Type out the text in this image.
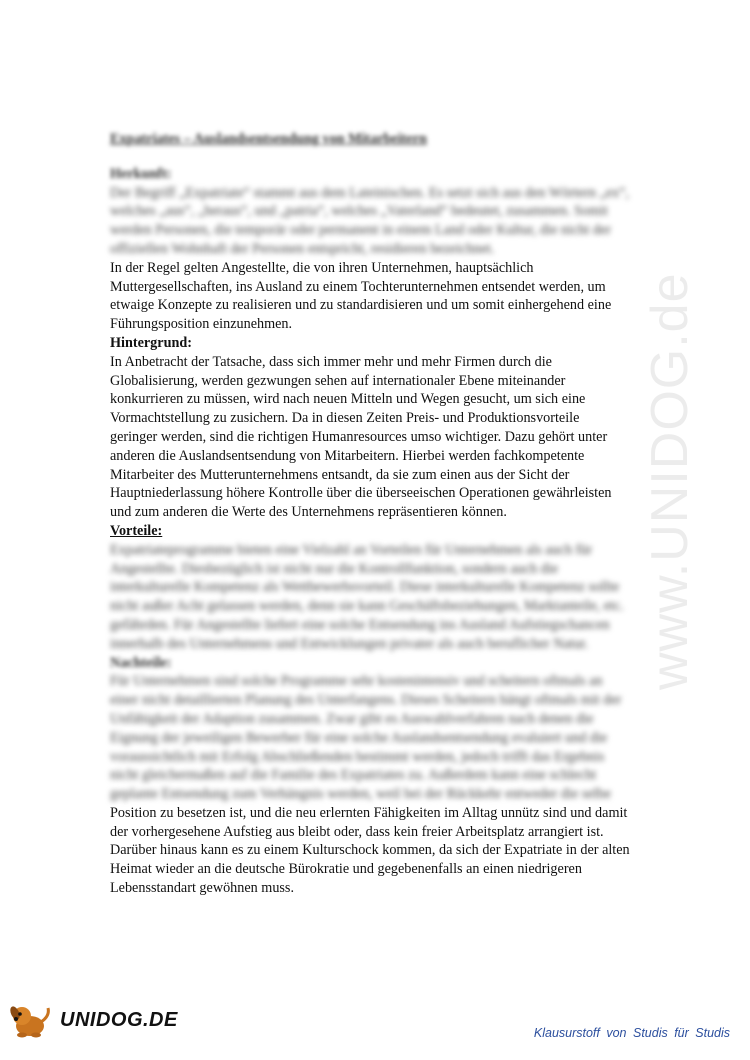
www.UNIDOG.de

Expatriates – Auslandsentsendung von Mitarbeitern

Herkunft:

Der Begriff „Expatriate“ stammt aus dem Lateinischen. Es setzt sich aus den Wörtern „ex“, welches „aus“, „heraus“, und „patria“, welches „Vaterland“ bedeutet, zusammen. Somit werden Personen, die temporär oder permanent in einem Land oder Kultur, die nicht der offiziellen Wohnhaft der Personen entspricht, residieren bezeichnet.

In der Regel gelten Angestellte, die von ihren Unternehmen, hauptsächlich Muttergesellschaften, ins Ausland zu einem Tochterunternehmen entsendet werden, um etwaige Konzepte zu realisieren und zu standardisieren und um somit einhergehend eine Führungsposition einzunehmen.

Hintergrund:

In Anbetracht der Tatsache, dass sich immer mehr und mehr Firmen durch die Globalisierung, werden gezwungen sehen auf internationaler Ebene miteinander konkurrieren zu müssen, wird nach neuen Mitteln und Wegen gesucht, um sich eine Vormachtstellung zu zusichern. Da in diesen Zeiten Preis- und Produktionsvorteile geringer werden, sind die richtigen Humanresources umso wichtiger. Dazu gehört unter anderen die Auslandsentsendung von Mitarbeitern. Hierbei werden fachkompetente Mitarbeiter des Mutterunternehmens entsandt, da sie zum einen aus der Sicht der Hauptniederlassung höhere Kontrolle über die überseeischen Operationen gewährleisten und zum anderen die Werte des Unternehmens repräsentieren können.

Vorteile:

Expatriateprogramme bieten eine Vielzahl an Vorteilen für Unternehmen als auch für Angestellte. Diesbezüglich ist nicht nur die Kontrollfunktion, sondern auch die interkulturelle Kompetenz als Wettbewerbsvorteil. Diese interkulturelle Kompetenz sollte nicht außer Acht gelassen werden, denn sie kann Geschäftsbeziehungen, Marktanteile, etc. gefährden. Für Angestellte liefert eine solche Entsendung ins Ausland Aufstiegschancen innerhalb des Unternehmens und Entwicklungen privater als auch beruflicher Natur.

Nachteile:

Für Unternehmen sind solche Programme sehr kostenintensiv und scheitern oftmals an einer nicht detaillierten Planung des Unterfangens. Dieses Scheitern hängt oftmals mit der Unfähigkeit der Adaption zusammen. Zwar gibt es Auswahlverfahren nach denen die Eignung der jeweiligen Bewerber für eine solche Auslandsentsendung evaluiert und die voraussichtlich mit Erfolg Abschließenden bestimmt werden, jedoch trifft das Ergebnis nicht gleichermaßen auf die Familie des Expatriates zu. Außerdem kann eine schlecht geplante Entsendung zum Verhängnis werden, weil bei der Rückkehr entweder die selbe

Position zu besetzen ist, und die neu erlernten Fähigkeiten im Alltag unnütz sind und damit der vorhergesehene Aufstieg aus bleibt oder, dass kein freier Arbeitsplatz arrangiert ist. Darüber hinaus kann es zu einem Kulturschock kommen, da sich der Expatriate in der alten Heimat wieder an die deutsche Bürokratie und gegebenenfalls an einen niedrigeren Lebensstandart gewöhnen muss.

UNIDOG.DE
Klausurstoff von Studis für Studis
